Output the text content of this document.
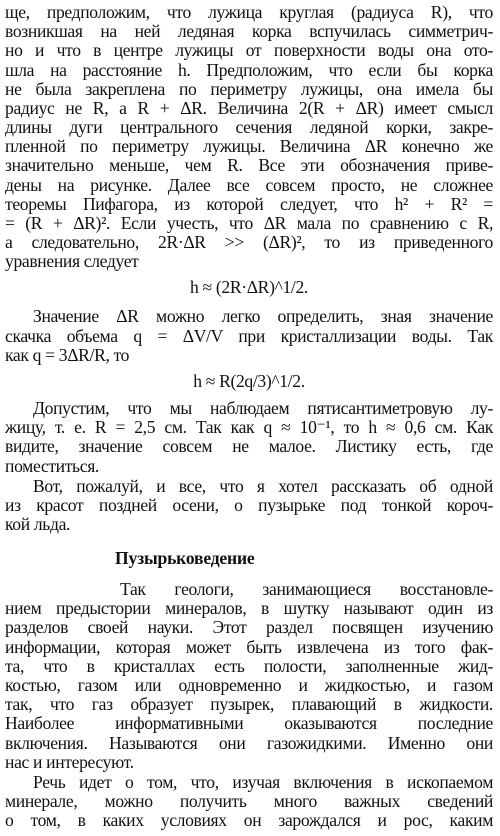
ще, предположим, что лужица круглая (радиуса R), что
возникшая на ней ледяная корка вспучилась симметрич-
но и что в центре лужицы от поверхности воды она ото-
шла на расстояние h. Предположим, что если бы корка
не была закреплена по периметру лужицы, она имела бы
радиус не R, а R + ΔR. Величина 2(R + ΔR) имеет смысл
длины дуги центрального сечения ледяной корки, закре-
пленной по периметру лужицы. Величина ΔR конечно же
значительно меньше, чем R. Все эти обозначения приве-
дены на рисунке. Далее все совсем просто, не сложнее
теоремы Пифагора, из которой следует, что h² + R² =
= (R + ΔR)². Если учесть, что ΔR мала по сравнению с R,
а следовательно, 2R·ΔR >> (ΔR)², то из приведенного
уравнения следует
h ≈ (2R·ΔR)^1/2.
Значение ΔR можно легко определить, зная значение
скачка объема q = ΔV/V при кристаллизации воды. Так
как q = 3ΔR/R, то
h ≈ R(2q/3)^1/2.
Допустим, что мы наблюдаем пятисантиметровую лу-
жицу, т. е. R = 2,5 см. Так как q ≈ 10⁻¹, то h ≈ 0,6 см. Как
видите, значение совсем не малое. Листику есть, где
поместиться.
Вот, пожалуй, и все, что я хотел рассказать об одной
из красот поздней осени, о пузырьке под тонкой короч-
кой льда.
Пузырьковедение
Так геологи, занимающиеся восстановле-
нием предыстории минералов, в шутку называют один из
разделов своей науки. Этот раздел посвящен изучению
информации, которая может быть извлечена из того фак-
та, что в кристаллах есть полости, заполненные жид-
костью, газом или одновременно и жидкостью, и газом
так, что газ образует пузырек, плавающий в жидкости.
Наиболее информативными оказываются последние
включения. Называются они газожидкими. Именно они
нас и интересуют.
Речь идет о том, что, изучая включения в ископаемом
минерале, можно получить много важных сведений
о том, в каких условиях он зарождался и рос, каким
